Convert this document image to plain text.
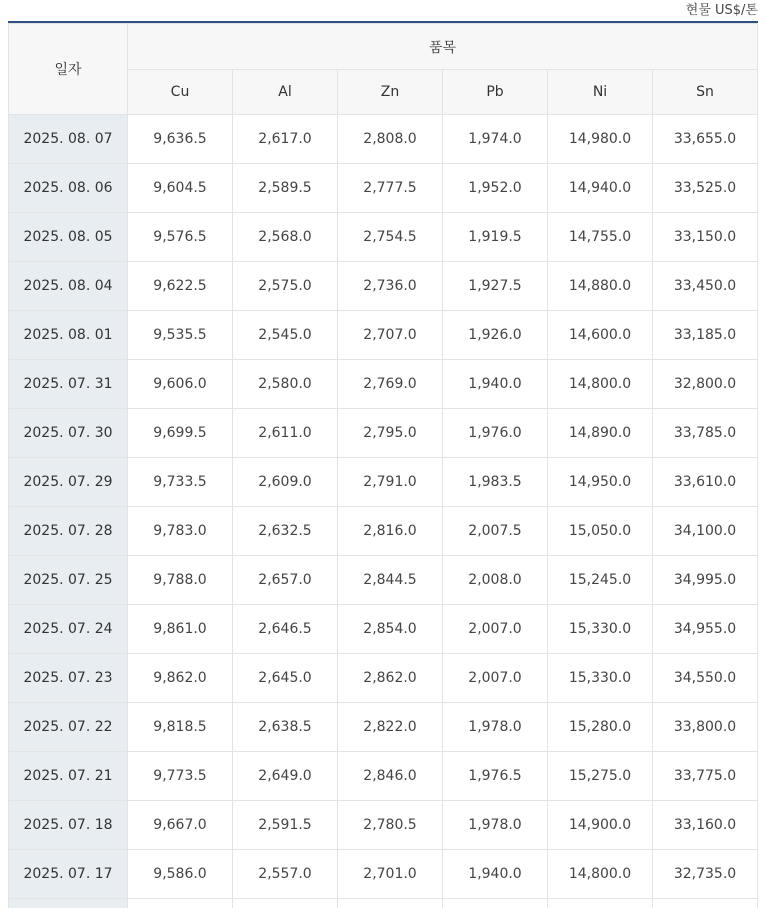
현물 US$/톤
일자	품목					
	Cu	Al	Zn	Pb	Ni	Sn
2025. 08. 07	9,636.5	2,617.0	2,808.0	1,974.0	14,980.0	33,655.0
2025. 08. 06	9,604.5	2,589.5	2,777.5	1,952.0	14,940.0	33,525.0
2025. 08. 05	9,576.5	2,568.0	2,754.5	1,919.5	14,755.0	33,150.0
2025. 08. 04	9,622.5	2,575.0	2,736.0	1,927.5	14,880.0	33,450.0
2025. 08. 01	9,535.5	2,545.0	2,707.0	1,926.0	14,600.0	33,185.0
2025. 07. 31	9,606.0	2,580.0	2,769.0	1,940.0	14,800.0	32,800.0
2025. 07. 30	9,699.5	2,611.0	2,795.0	1,976.0	14,890.0	33,785.0
2025. 07. 29	9,733.5	2,609.0	2,791.0	1,983.5	14,950.0	33,610.0
2025. 07. 28	9,783.0	2,632.5	2,816.0	2,007.5	15,050.0	34,100.0
2025. 07. 25	9,788.0	2,657.0	2,844.5	2,008.0	15,245.0	34,995.0
2025. 07. 24	9,861.0	2,646.5	2,854.0	2,007.0	15,330.0	34,955.0
2025. 07. 23	9,862.0	2,645.0	2,862.0	2,007.0	15,330.0	34,550.0
2025. 07. 22	9,818.5	2,638.5	2,822.0	1,978.0	15,280.0	33,800.0
2025. 07. 21	9,773.5	2,649.0	2,846.0	1,976.5	15,275.0	33,775.0
2025. 07. 18	9,667.0	2,591.5	2,780.5	1,978.0	14,900.0	33,160.0
2025. 07. 17	9,586.0	2,557.0	2,701.0	1,940.0	14,800.0	32,735.0
